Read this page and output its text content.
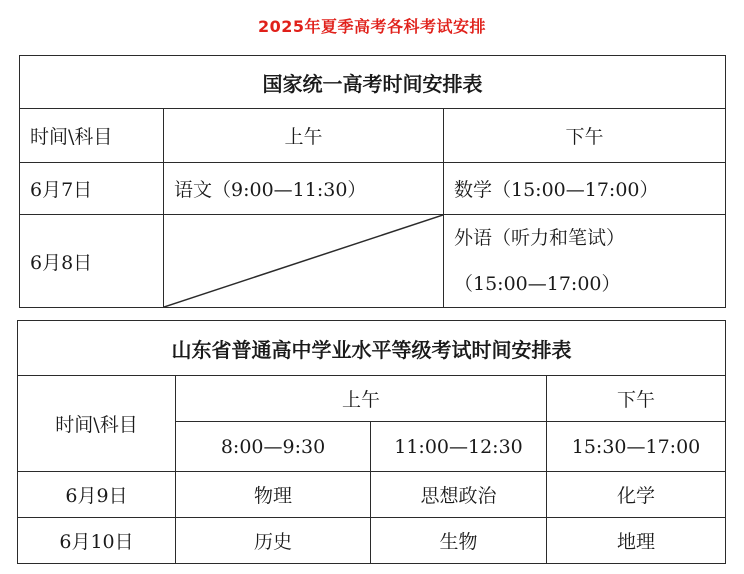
2025年夏季高考各科考试安排
国家统一高考时间安排表		
时间\科目	上午	下午
6月7日	语文（9:00—11:30）	数学（15:00—17:00）
6月8日		外语（听力和笔试）
（15:00—17:00）
山东省普通高中学业水平等级考试时间安排表			
时间\科目	上午		下午
	8:00—9:30	11:00—12:30	15:30—17:00
6月9日	物理	思想政治	化学
6月10日	历史	生物	地理
